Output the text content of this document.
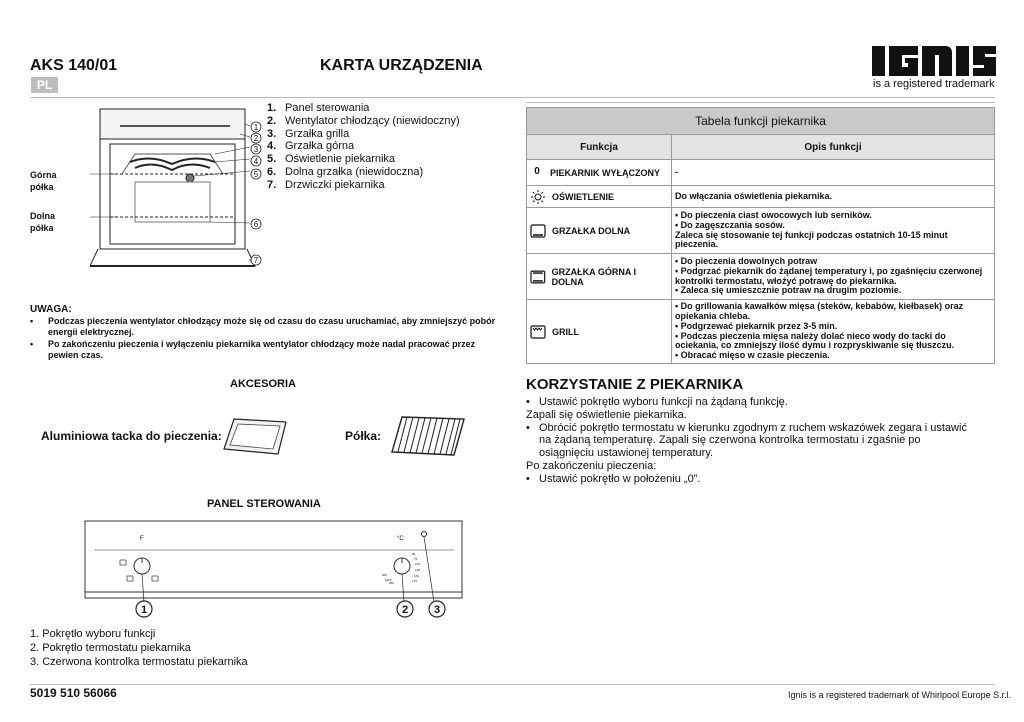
AKS 140/01
PL
KARTA URZĄDZENIA
is a registered trademark
1
2
3
4
5
6
7
Górna
półka
Dolna
półka
1. Panel sterowania
2. Wentylator chłodzący (niewidoczny)
3. Grzałka grilla
4. Grzałka górna
5. Oświetlenie piekarnika
6. Dolna grzałka (niewidoczna)
7. Drzwiczki piekarnika
UWAGA:
• Podczas pieczenia wentylator chłodzący może się od czasu do czasu uruchamiać, aby zmniejszyć pobór energii elektrycznej.
• Po zakończeniu pieczenia i wyłączeniu piekarnika wentylator chłodzący może nadal pracować przez pewien czas.
AKCESORIA
Aluminiowa tacka do pieczenia:	Półka:
PANEL STEROWANIA
F	°C
200
MAX
250
60
75
100
125
150
175
1	2 3
1. Pokrętło wyboru funkcji
2. Pokrętło termostatu piekarnika
3. Czerwona kontrolka termostatu piekarnika
Tabela funkcji piekarnika	
Funkcja	Opis funkcji

0 PIEKARNIK WYŁĄCZONY	-

OŚWIETLENIE	Do włączania oświetlenia piekarnika.

GRZAŁKA DOLNA	• Do pieczenia ciast owocowych lub serników.
• Do zagęszczania sosów.
Zaleca się stosowanie tej funkcji podczas ostatnich 10-15 minut pieczenia.

GRZAŁKA GÓRNA I DOLNA	• Do pieczenia dowolnych potraw
• Podgrzać piekarnik do żądanej temperatury i, po zgaśnięciu czerwonej kontrolki termostatu, włożyć potrawę do piekarnika.
• Zaleca się umieszcznie potraw na drugim poziomie.

GRILL	• Do grillowania kawałków mięsa (steków, kebabów, kiełbasek) oraz opiekania chleba.
• Podgrzewać piekarnik przez 3-5 min.
• Podczas pieczenia mięsa należy dolać nieco wody do tacki do ociekania, co zmniejszy ilość dymu i rozpryskiwanie się tłuszczu.
• Obracać mięso w czasie pieczenia.
KORZYSTANIE Z PIEKARNIKA
• Ustawić pokrętło wyboru funkcji na żądaną funkcję.
Zapali się oświetlenie piekarnika.
• Obrócić pokrętło termostatu w kierunku zgodnym z ruchem wskazówek zegara i ustawić na żądaną temperaturę. Zapali się czerwona kontrolka termostatu i zgaśnie po osiągnięciu ustawionej temperatury.
Po zakończeniu pieczenia:
• Ustawić pokrętło w położeniu „0”.
5019 510 56066	Ignis is a registered trademark of Whirlpool Europe S.r.l.
